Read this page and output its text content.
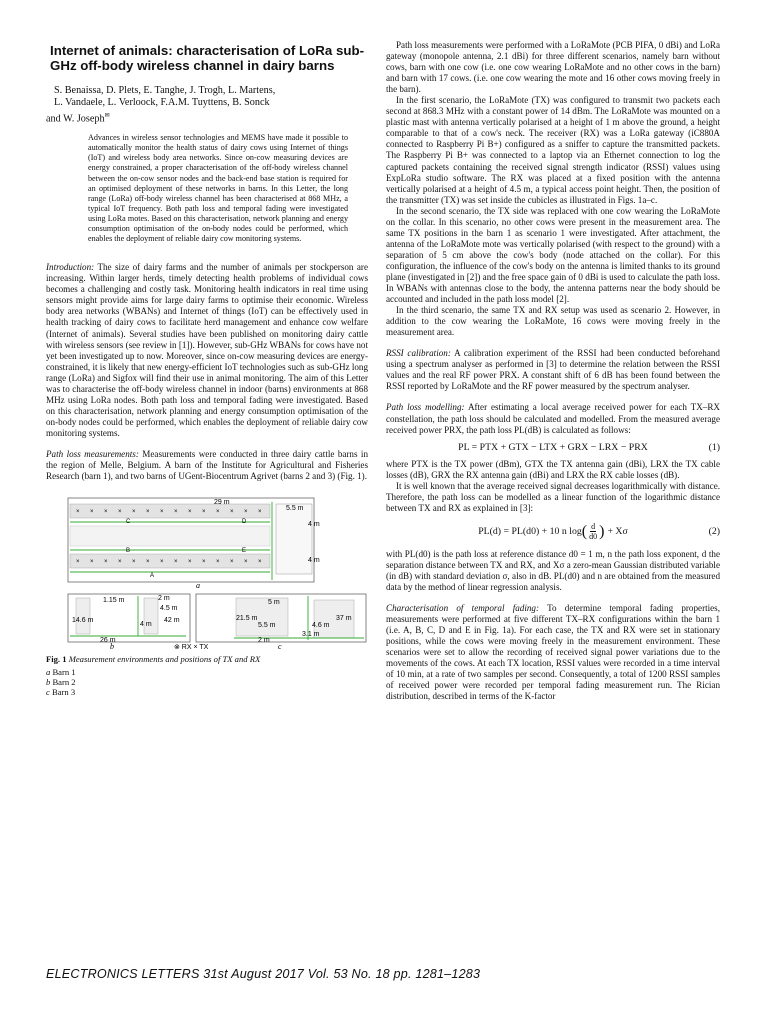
Internet of animals: characterisation of LoRa sub-GHz off-body wireless channel in dairy barns
S. Benaissa, D. Plets, E. Tanghe, J. Trogh, L. Martens,
L. Vandaele, L. Verloock, F.A.M. Tuyttens, B. Sonck
and W. Joseph✉

Advances in wireless sensor technologies and MEMS have made it possible to automatically monitor the health status of dairy cows using Internet of things (IoT) and wireless body area networks. Since on-cow measuring devices are energy constrained, a proper characterisation of the off-body wireless channel between the on-cow sensor nodes and the back-end base station is required for an optimised deployment of these networks in barns. In this Letter, the long range (LoRa) off-body wireless channel has been characterised at 868 MHz, a typical IoT frequency. Both path loss and temporal fading were investigated using LoRa motes. Based on this characterisation, network planning and energy consumption optimisation of the on-body nodes could be performed, which enables the deployment of reliable dairy cow monitoring systems.

Introduction: The size of dairy farms and the number of animals per stockperson are increasing. Within larger herds, timely detecting health problems of individual cows becomes a challenging and costly task. Monitoring health indicators in real time using sensors might provide aims for large dairy farms to optimise their economic. Wireless body area networks (WBANs) and Internet of things (IoT) can be effectively used in health tracking of dairy cows to facilitate herd management and enhance cow welfare (Internet of animals). Several studies have been published on monitoring dairy cattle with wireless sensors (see review in [1]). However, sub-GHz WBANs for cows have not yet been investigated up to now. Moreover, since on-cow measuring devices are energy-constrained, it is likely that new energy-efficient IoT technologies such as sub-GHz long range (LoRa) and Sigfox will find their use in animal monitoring. The aim of this Letter was to characterise the off-body wireless channel in indoor (barns) environments at 868 MHz using LoRa nodes. Both path loss and temporal fading were investigated. Based on this characterisation, network planning and energy consumption optimisation of the on-body nodes could be performed, which enables the deployment of reliable dairy cow monitoring systems.

Path loss measurements: Measurements were conducted in three dairy cattle barns in the region of Melle, Belgium. A barn of the Institute for Agricultural and Fisheries Research (barn 1), and two barns of UGent-Biocentrum Agrivet (barns 2 and 3) (Fig. 1).

29 m
5.5 m
4 m
4 m
C	D
B	E
A
a
1.15 m	2 m
4.5 m
14.6 m	42 m
4 m
26 m
b
5 m
21.5 m
5.5 m	4.6 m
37 m
3.1 m
2 m
c
⊗ RX × TX
× × × × × × × × × × × × × ×
× × × × × × × × × × × × × ×
Fig. 1 Measurement environments and positions of TX and RX
a Barn 1
b Barn 2
c Barn 3

Path loss measurements were performed with a LoRaMote (PCB PIFA, 0 dBi) and LoRa gateway (monopole antenna, 2.1 dBi) for three different scenarios, namely barn without cows, barn with one cow (i.e. one cow wearing LoRaMote and no other cows in the barn) and barn with 17 cows. (i.e. one cow wearing the mote and 16 other cows moving freely in the barn).

In the first scenario, the LoRaMote (TX) was configured to transmit two packets each second at 868.3 MHz with a constant power of 14 dBm. The LoRaMote was mounted on a plastic mast with antenna vertically polarised at a height of 1 m above the ground, a height comparable to that of a cow's neck. The receiver (RX) was a LoRa gateway (iC880A connected to Raspberry Pi B+) configured as a sniffer to capture the transmitted packets. The Raspberry Pi B+ was connected to a laptop via an Ethernet connection to log the captured packets containing the received signal strength indicator (RSSI) values using ExpLoRa studio software. The RX was placed at a fixed position with the antenna vertically polarised at a height of 4.5 m, a typical access point height. Then, the position of the transmitter (TX) was set inside the cubicles as illustrated in Figs. 1a–c.

In the second scenario, the TX side was replaced with one cow wearing the LoRaMote on the collar. In this scenario, no other cows were present in the measurement area. The same TX positions in the barn 1 as scenario 1 were investigated. After attachment, the antenna of the LoRaMote mote was vertically polarised (with respect to the ground) with a separation of 5 cm above the cow's body (node attached on the collar). For this configuration, the influence of the cow's body on the antenna is limited thanks to its ground plane (investigated in [2]) and the free space gain of 0 dBi is used to calculate the path loss. In WBANs with antennas close to the body, the antenna patterns near the body should be accounted and included in the path loss model [2].

In the third scenario, the same TX and RX setup was used as scenario 2. However, in addition to the cow wearing the LoRaMote, 16 cows were moving freely in the measurement area.

RSSI calibration: A calibration experiment of the RSSI had been conducted beforehand using a spectrum analyser as performed in [3] to determine the relation between the RSSI values and the real RF power PRX. A constant shift of 6 dB has been found between the RSSI reported by LoRaMote and the RF power measured by the spectrum analyser.

Path loss modelling: After estimating a local average received power for each TX–RX constellation, the path loss should be calculated and modelled. From the measured average received power PRX, the path loss PL(dB) is calculated as follows:

PL = PTX + GTX − LTX + GRX − LRX − PRX	(1)

where PTX is the TX power (dBm), GTX the TX antenna gain (dBi), LRX the TX cable losses (dB), GRX the RX antenna gain (dBi) and LRX the RX cable losses (dB).

It is well known that the average received signal decreases logarithmically with distance. Therefore, the path loss can be modelled as a linear function of the logarithmic distance between TX and RX as explained in [3]:

PL(d) = PL(d0) + 10 n log ( $\frac{d}{d0}$ ) + Xσ	(2)

with PL(d0) is the path loss at reference distance d0 = 1 m, n the path loss exponent, d the separation distance between TX and RX, and Xσ a zero-mean Gaussian distributed variable (in dB) with standard deviation σ, also in dB. PL(d0) and n are obtained from the measured data by the method of linear regression analysis.

Characterisation of temporal fading: To determine temporal fading properties, measurements were performed at five different TX–RX configurations within the barn 1 (i.e. A, B, C, D and E in Fig. 1a). For each case, the TX and RX were set in stationary positions, while the cows were moving freely in the measurement environment. These scenarios were set to allow the recording of received signal power variations due to the movements of the cows. At each TX location, RSSI values were recorded in a time interval of 10 min, at a rate of two samples per second. Consequently, a total of 1200 RSSI samples of received power were recorded per temporal fading measurement run. The Rician distribution, described in terms of the K-factor

ELECTRONICS LETTERS 31st August 2017 Vol. 53 No. 18 pp. 1281–1283
